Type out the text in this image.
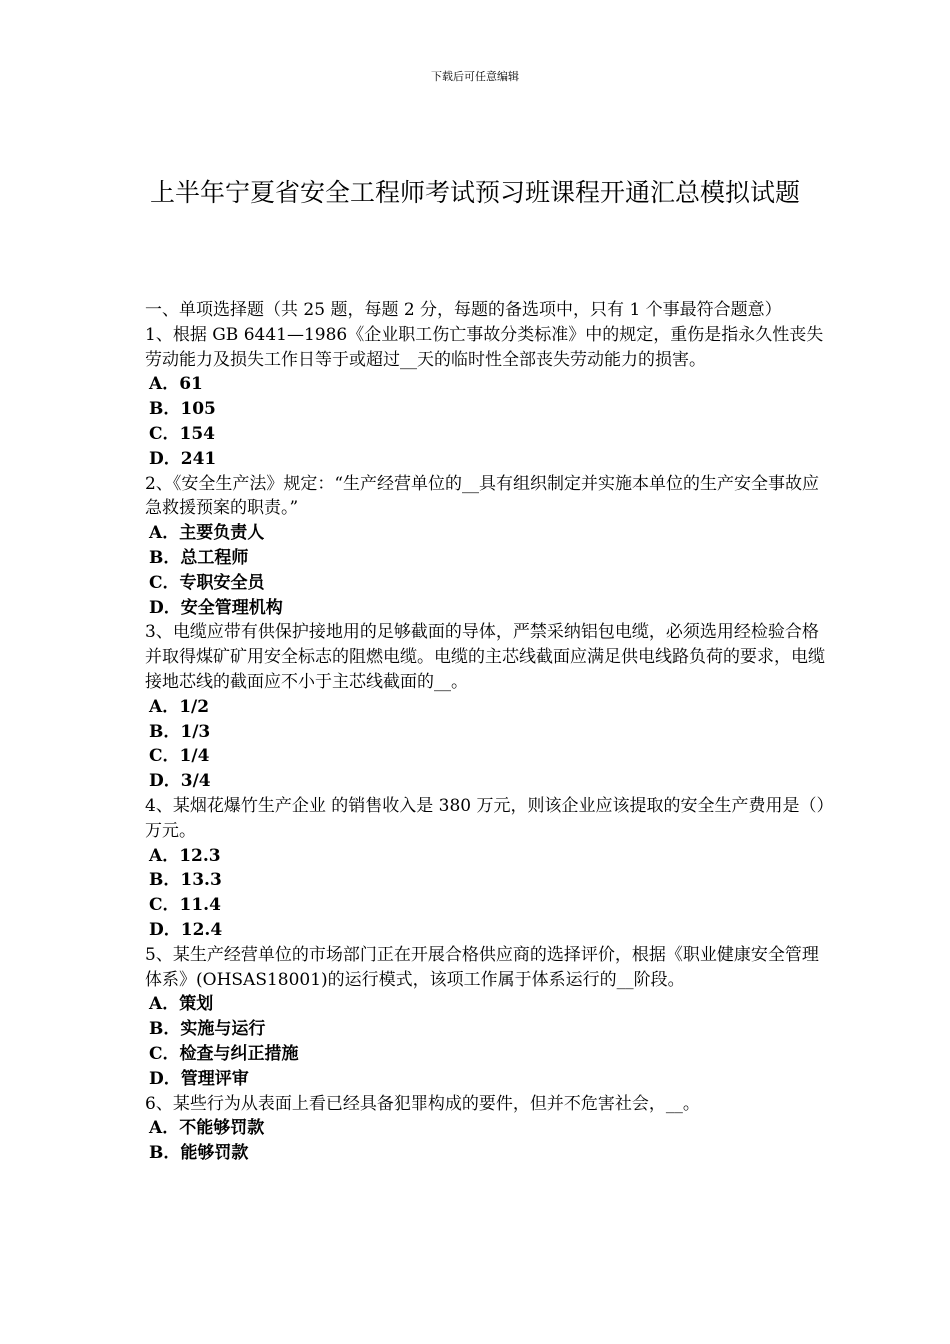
下载后可任意编辑
上半年宁夏省安全工程师考试预习班课程开通汇总模拟试题

一、单项选择题（共 25 题，每题 2 分，每题的备选项中，只有 1 个事最符合题意）

1、根据 GB 6441—1986《企业职工伤亡事故分类标准》中的规定，重伤是指永久性丧失劳动能力及损失工作日等于或超过__天的临时性全部丧失劳动能力的损害。

A．61

B．105

C．154

D．241

2、《安全生产法》规定：“生产经营单位的__具有组织制定并实施本单位的生产安全事故应急救援预案的职责。”

A．主要负责人

B．总工程师

C．专职安全员

D．安全管理机构

3、电缆应带有供保护接地用的足够截面的导体，严禁采纳铝包电缆，必须选用经检验合格并取得煤矿矿用安全标志的阻燃电缆。电缆的主芯线截面应满足供电线路负荷的要求，电缆接地芯线的截面应不小于主芯线截面的__。

A．1/2

B．1/3

C．1/4

D．3/4

4、某烟花爆竹生产企业 的销售收入是 380 万元，则该企业应该提取的安全生产费用是（）万元。

A．12.3

B．13.3

C．11.4

D．12.4

5、某生产经营单位的市场部门正在开展合格供应商的选择评价，根据《职业健康安全管理体系》(OHSAS18001)的运行模式，该项工作属于体系运行的__阶段。

A．策划

B．实施与运行

C．检查与纠正措施

D．管理评审

6、某些行为从表面上看已经具备犯罪构成的要件，但并不危害社会，__。

A．不能够罚款

B．能够罚款
